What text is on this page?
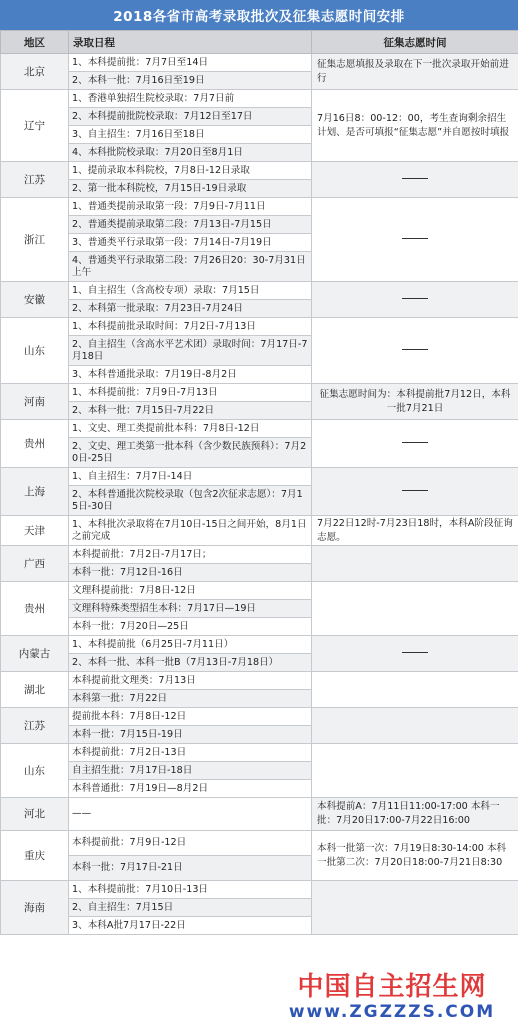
2018各省市高考录取批次及征集志愿时间安排
地区	录取日程	征集志愿时间
北京	1、本科提前批：7月7日至14日	征集志愿填报及录取在下一批次录取开始前进行
	2、本科一批：7月16日至19日	
辽宁	1、香港单独招生院校录取：7月7日前	7月16日8：00-12：00，考生查询剩余招生计划、是否可填报“征集志愿”并自愿按时填报
	2、本科提前批院校录取：7月12日至17日	
	3、自主招生：7月16日至18日	
	4、本科批院校录取：7月20日至8月1日	
江苏	1、提前录取本科院校，7月8日-12日录取	
	2、第一批本科院校，7月15日-19日录取	
浙江	1、普通类提前录取第一段：7月9日-7月11日	
	2、普通类提前录取第二段：7月13日-7月15日	
	3、普通类平行录取第一段：7月14日-7月19日	
	4、普通类平行录取第二段：7月26日20：30-7月31日上午	
安徽	1、自主招生（含高校专项）录取：7月15日	
	2、本科第一批录取：7月23日-7月24日	
山东	1、本科提前批录取时间：7月2日-7月13日	
	2、自主招生（含高水平艺术团）录取时间：7月17日-7月18日	
	3、本科普通批录取：7月19日-8月2日	
河南	1、本科提前批：7月9日-7月13日	征集志愿时间为：本科提前批7月12日，本科一批7月21日
	2、本科一批：7月15日-7月22日	
贵州	1、文史、理工类提前批本科：7月8日-12日	
	2、文史、理工类第一批本科（含少数民族预科）：7月20日-25日	
上海	1、自主招生：7月7日-14日	
	2、本科普通批次院校录取（包含2次征求志愿）：7月15日-30日	
天津	1、本科批次录取将在7月10日-15日之间开始，8月1日之前完成	7月22日12时-7月23日18时，本科A阶段征询志愿。
广西	本科提前批：7月2日-7月17日；	
	本科一批：7月12日-16日	
贵州	文理科提前批：7月8日-12日	
	文理科特殊类型招生本科：7月17日—19日	
	本科一批：7月20日—25日	
内蒙古	1、本科提前批（6月25日-7月11日）	
	2、本科一批、本科一批B（7月13日-7月18日）	
湖北	本科提前批文理类：7月13日	
	本科第一批：7月22日	
江苏	提前批本科：7月8日-12日	
	本科一批：7月15日-19日	
山东	本科提前批：7月2日-13日	
	自主招生批：7月17日-18日	
	本科普通批：7月19日—8月2日	
河北	——	本科提前A：7月11日11:00-17:00 本科一批：7月20日17:00-7月22日16:00
重庆	本科提前批：7月9日-12日	本科一批第一次：7月19日8:30-14:00 本科一批第二次：7月20日18:00-7月21日8:30
	本科一批：7月17日-21日	
海南	1、本科提前批：7月10日-13日	
	2、自主招生：7月15日	
	3、本科A批7月17日-22日	
中国自主招生网
www.ZGZZZS.COM
